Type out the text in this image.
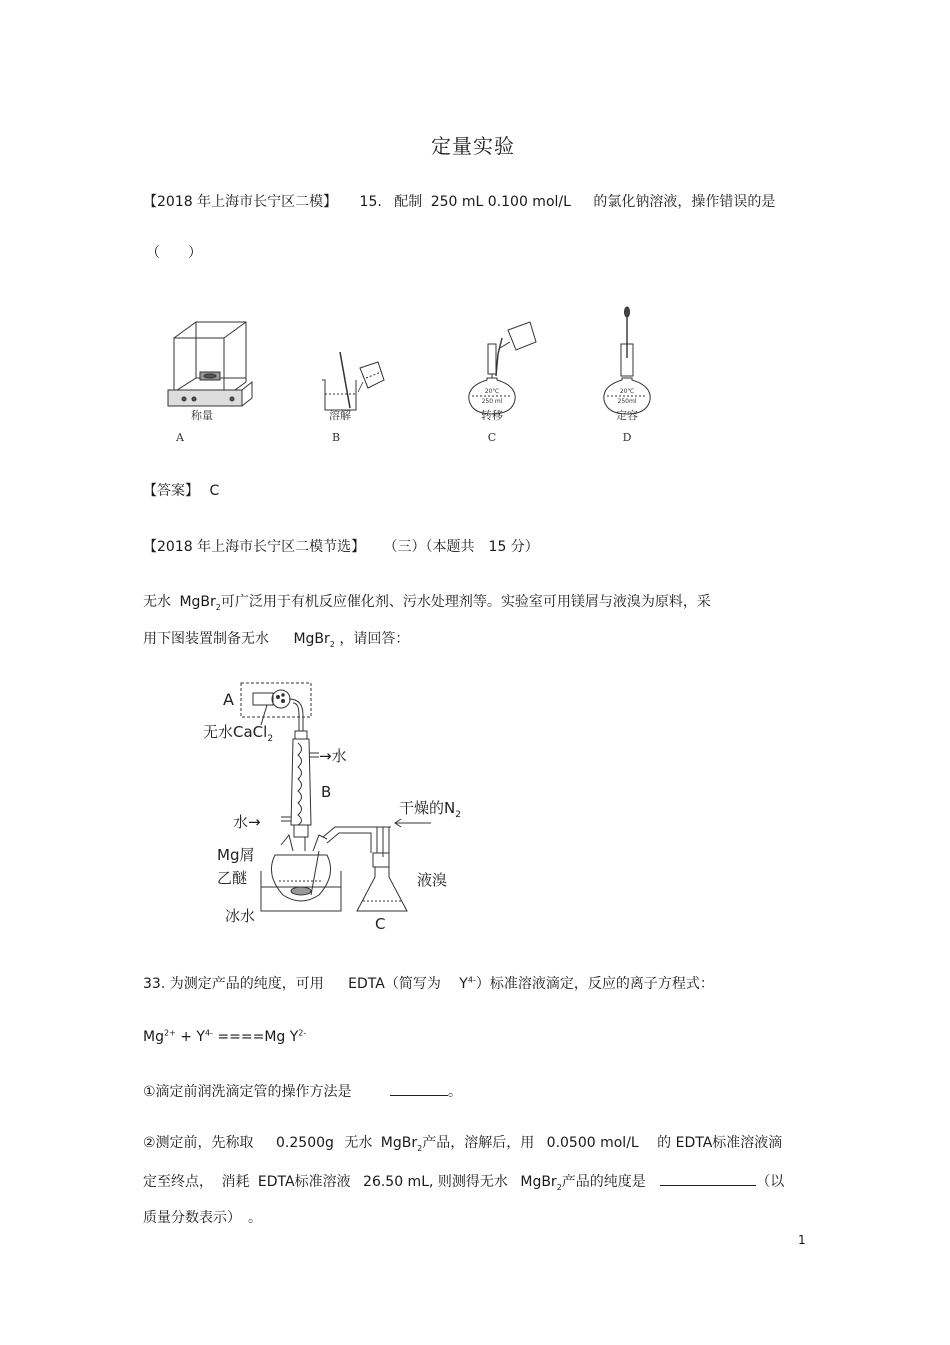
定量实验
【2018 年上海市长宁区二模】 15. 配制 250 mL 0.100 mol/L 的氯化钠溶液，操作错误的是
（　　）
称量
A
溶解
B
20℃
250 ml
转移
C
20℃
250ml
定容
D
【答案】 C
【2018 年上海市长宁区二模节选】 （三）（本题共　15 分）
无水 MgBr$_2$可广泛用于有机反应催化剂、污水处理剂等。实验室可用镁屑与液溴为原料，采
用下图装置制备无水 MgBr$_2$ ，请回答：
A
无水CaCl$_2$
→水
B
水→
Mg屑
乙醚
冰水
干燥的$N_2$
液溴
C
33. 为测定产品的纯度，可用 EDTA（简写为 $Y^{4-}$）标准溶液滴定，反应的离子方程式：
$Mg^{2+} + Y^{4-} ====Mg$ $Y^{2-}$
①滴定前润洗滴定管的操作方法是	。
②测定前，先称取 0.2500g 无水 MgBr$_2$产品，溶解后，用 0.0500 mol/L 的 EDTA标准溶液滴
定至终点， 消耗 EDTA标准溶液 26.50 mL, 则测得无水 MgBr$_2$产品的纯度是	（以
质量分数表示）　。
1
